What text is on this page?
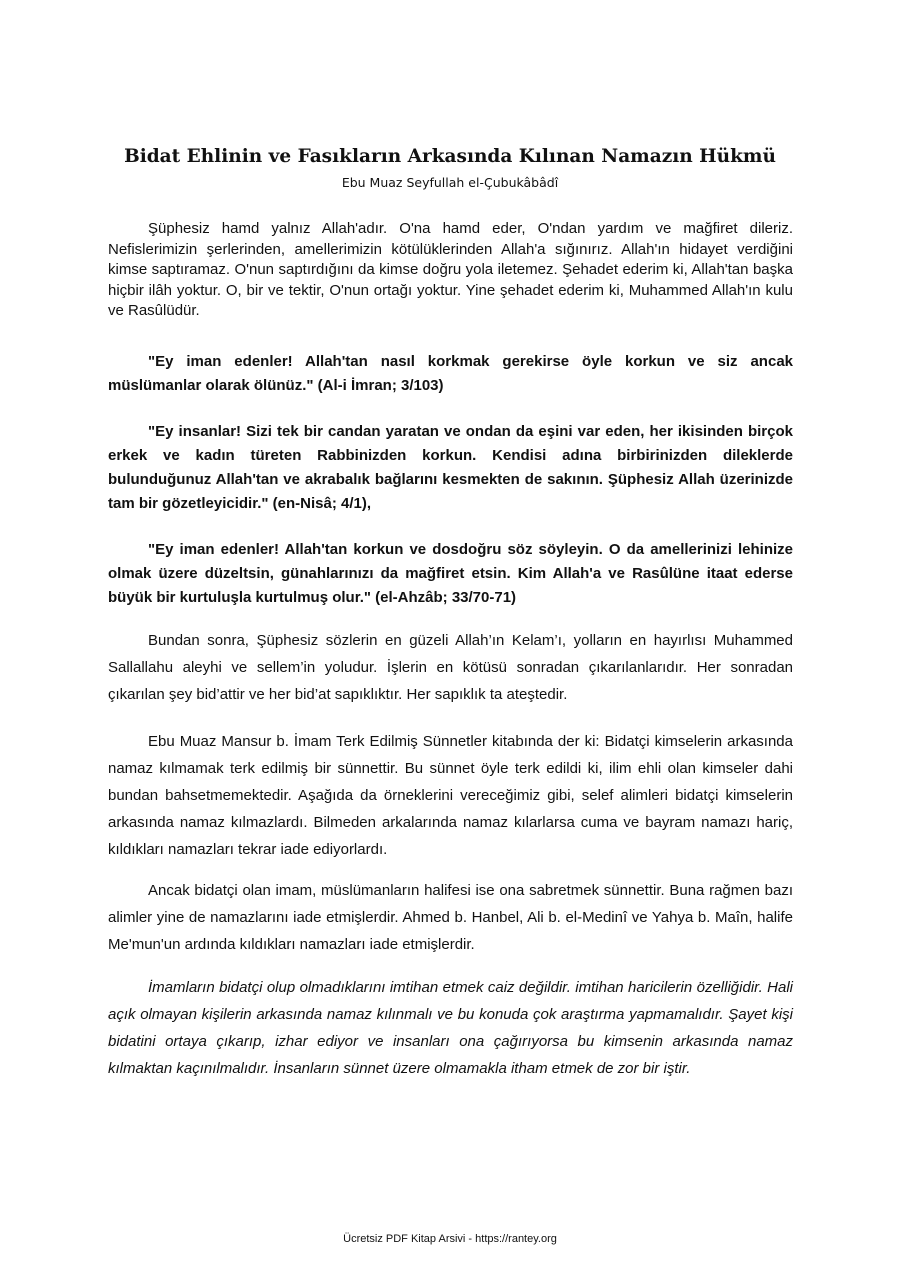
Bidat Ehlinin ve Fasıkların Arkasında Kılınan Namazın Hükmü
Ebu Muaz Seyfullah el-Çubukâbâdî

Şüphesiz hamd yalnız Allah'adır. O'na hamd eder, O'ndan yardım ve mağfiret dileriz. Nefislerimizin şerlerinden, amellerimizin kötülüklerinden Allah'a sığınırız. Allah'ın hidayet verdiğini kimse saptıramaz. O'nun saptırdığını da kimse doğru yola iletemez. Şehadet ederim ki, Allah'tan başka hiçbir ilâh yoktur. O, bir ve tektir, O'nun ortağı yoktur. Yine şehadet ederim ki, Muhammed Allah'ın kulu ve Rasûlüdür.

"Ey iman edenler! Allah'tan nasıl korkmak gerekirse öyle korkun ve siz ancak müslümanlar olarak ölünüz." (Al-i İmran; 3/103)

"Ey insanlar! Sizi tek bir candan yaratan ve ondan da eşini var eden, her ikisinden birçok erkek ve kadın türeten Rabbinizden korkun. Kendisi adına birbirinizden dileklerde bulunduğunuz Allah'tan ve akrabalık bağlarını kesmekten de sakının. Şüphesiz Allah üzerinizde tam bir gözetleyicidir." (en-Nisâ; 4/1),

"Ey iman edenler! Allah'tan korkun ve dosdoğru söz söyleyin. O da amellerinizi lehinize olmak üzere düzeltsin, günahlarınızı da mağfiret etsin. Kim Allah'a ve Rasûlüne itaat ederse büyük bir kurtuluşla kurtulmuş olur." (el-Ahzâb; 33/70-71)

Bundan sonra, Şüphesiz sözlerin en güzeli Allah’ın Kelam’ı, yolların en hayırlısı Muhammed Sallallahu aleyhi ve sellem’in yoludur. İşlerin en kötüsü sonradan çıkarılanlarıdır. Her sonradan çıkarılan şey bid’attir ve her bid’at sapıklıktır. Her sapıklık ta ateştedir.

Ebu Muaz Mansur b. İmam Terk Edilmiş Sünnetler kitabında der ki: Bidatçi kimselerin arkasında namaz kılmamak terk edilmiş bir sünnettir. Bu sünnet öyle terk edildi ki, ilim ehli olan kimseler dahi bundan bahsetmemektedir. Aşağıda da örneklerini vereceğimiz gibi, selef alimleri bidatçi kimselerin arkasında namaz kılmazlardı. Bilmeden arkalarında namaz kılarlarsa cuma ve bayram namazı hariç, kıldıkları namazları tekrar iade ediyorlardı.

Ancak bidatçi olan imam, müslümanların halifesi ise ona sabretmek sünnettir. Buna rağmen bazı alimler yine de namazlarını iade etmişlerdir. Ahmed b. Hanbel, Ali b. el-Medinî ve Yahya b. Maîn, halife Me'mun'un ardında kıldıkları namazları iade etmişlerdir.

İmamların bidatçi olup olmadıklarını imtihan etmek caiz değildir. imtihan haricilerin özelliğidir. Hali açık olmayan kişilerin arkasında namaz kılınmalı ve bu konuda çok araştırma yapmamalıdır. Şayet kişi bidatini ortaya çıkarıp, izhar ediyor ve insanları ona çağırıyorsa bu kimsenin arkasında namaz kılmaktan kaçınılmalıdır. İnsanların sünnet üzere olmamakla itham etmek de zor bir iştir.

Ücretsiz PDF Kitap Arsivi - https://rantey.org
